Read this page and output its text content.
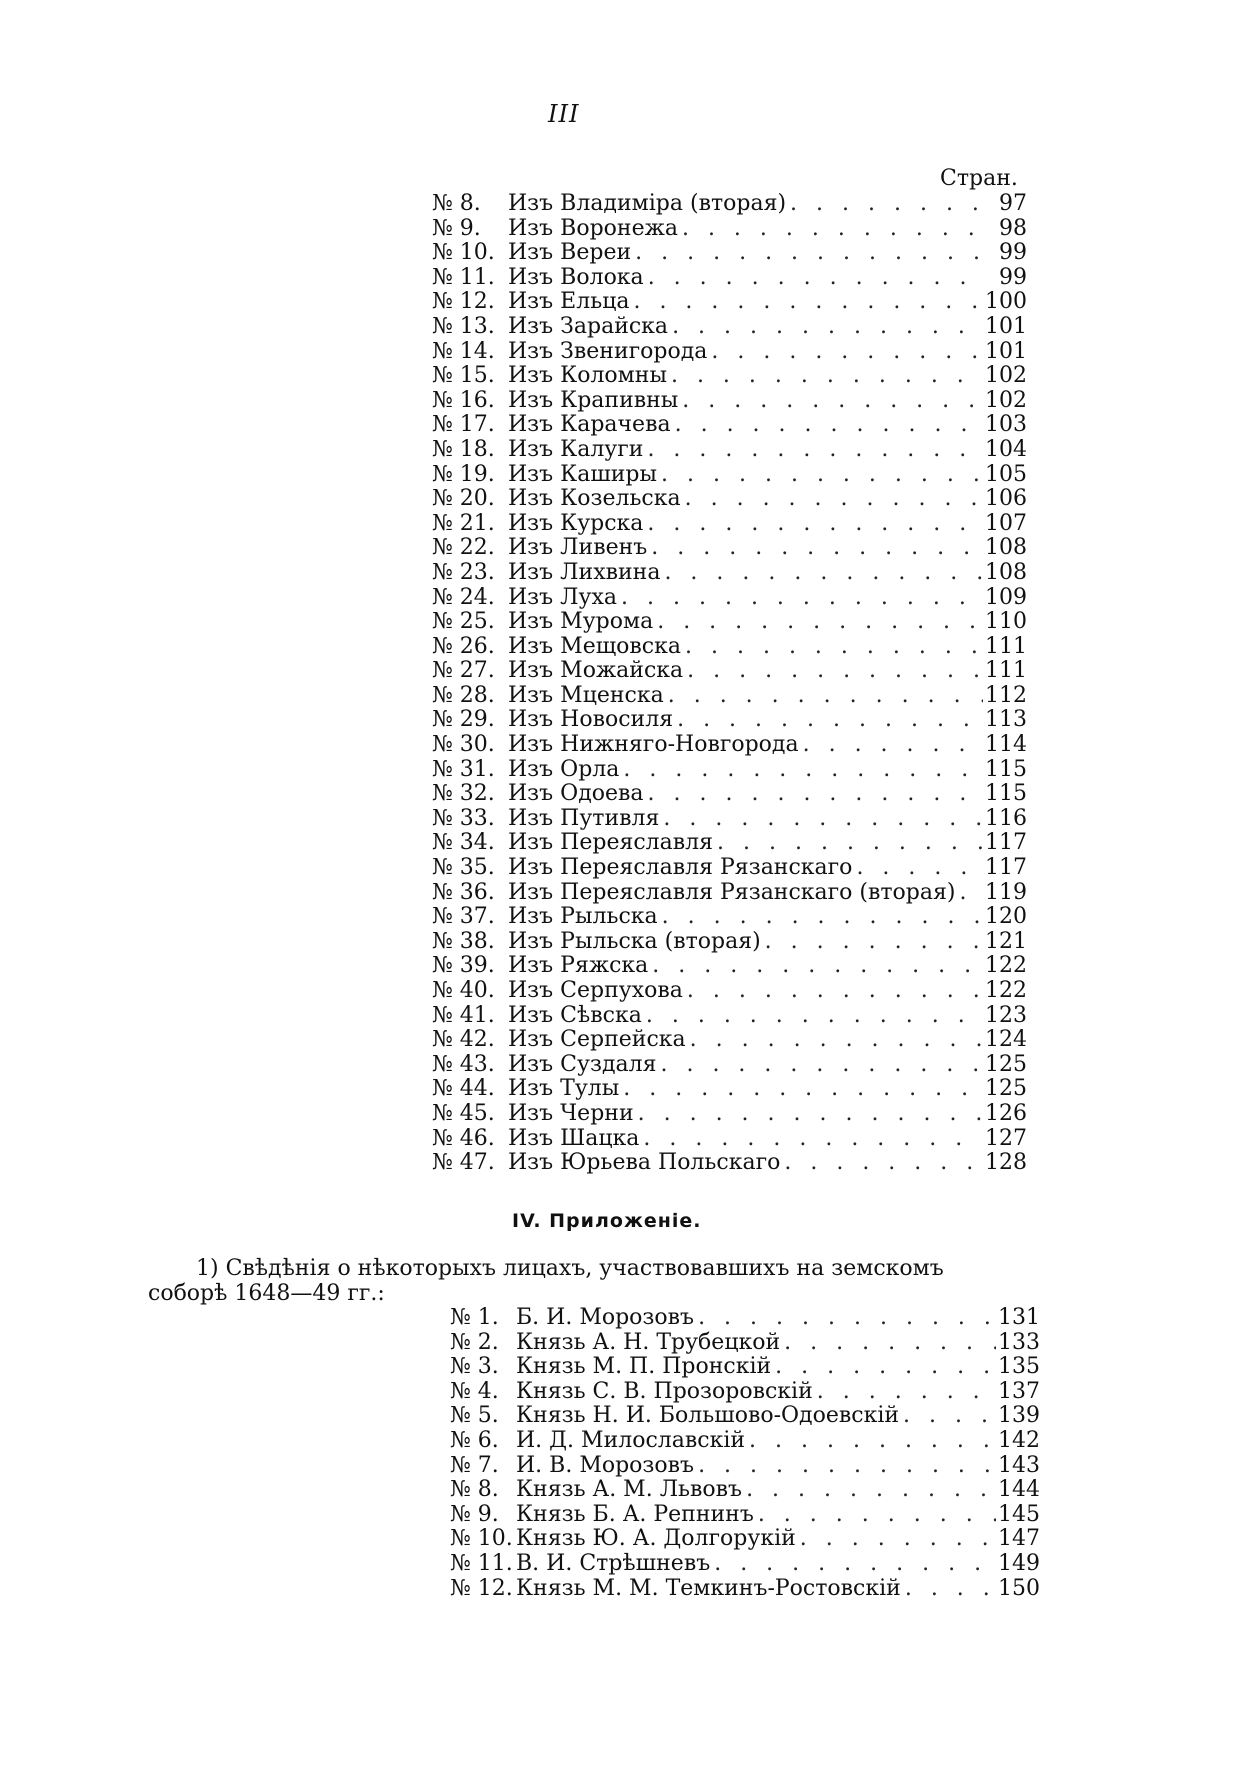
III
Стран.
№ 8.	Изъ Владиміра (вторая) . . .	97
№ 9.	Изъ Воронежа . . .	98
№ 10. Изъ Вереи . . .	99
№ 11. Изъ Волока . . .	99
№ 12. Изъ Ельца . . .	100
№ 13. Изъ Зарайска . . .	101
№ 14. Изъ Звенигорода . . .	101
№ 15. Изъ Коломны . . .	102
№ 16. Изъ Крапивны . . .	102
№ 17. Изъ Карачева . . .	103
№ 18. Изъ Калуги . . .	104
№ 19. Изъ Каширы . . .	105
№ 20. Изъ Козельска . . .	106
№ 21. Изъ Курска . . .	107
№ 22. Изъ Ливенъ . . .	108
№ 23. Изъ Лихвина . . .	108
№ 24. Изъ Луха . . .	109
№ 25. Изъ Мурома . . .	110
№ 26. Изъ Мещовска . . .	111
№ 27. Изъ Можайска . . .	111
№ 28. Изъ Мценска . . .	112
№ 29. Изъ Новосиля . . .	113
№ 30. Изъ Нижняго-Новгорода . . .	114
№ 31. Изъ Орла . . .	115
№ 32. Изъ Одоева . . .	115
№ 33. Изъ Путивля . . .	116
№ 34. Изъ Переяславля . . .	117
№ 35. Изъ Переяславля Рязанскаго . . .	117
№ 36. Изъ Переяславля Рязанскаго (вторая) . . . 119
№ 37. Изъ Рыльска . . .	120
№ 38. Изъ Рыльска (вторая) . . .	121
№ 39. Изъ Ряжска . . .	122
№ 40. Изъ Серпухова . . .	122
№ 41. Изъ Сѣвска . . .	123
№ 42. Изъ Серпейска . . .	124
№ 43. Изъ Суздаля . . .	125
№ 44. Изъ Тулы . . .	125
№ 45. Изъ Черни . . .	126
№ 46. Изъ Шацка . . .	127
№ 47. Изъ Юрьева Польскаго . . .	128
IV. Приложеніе.
1) Свѣдѣнія о нѣкоторыхъ лицахъ, участвовавшихъ на земскомъ
соборѣ 1648—49 гг.:
№ 1. Б. И. Морозовъ . . .	131
№ 2. Князь А. Н. Трубецкой . . .	133
№ 3. Князь М. П. Пронскій . . .	135
№ 4. Князь С. В. Прозоровскій . . .	137
№ 5. Князь Н. И. Большово-Одоевскій . . .	139
№ 6. И. Д. Милославскій . . .	142
№ 7. И. В. Морозовъ . . .	143
№ 8. Князь А. М. Львовъ . . .	144
№ 9. Князь Б. А. Репнинъ . . .	145
№ 10. Князь Ю. А. Долгорукій . . .	147
№ 11. В. И. Стрѣшневъ . . .	149
№ 12. Князь М. М. Темкинъ-Ростовскій . . .	150
